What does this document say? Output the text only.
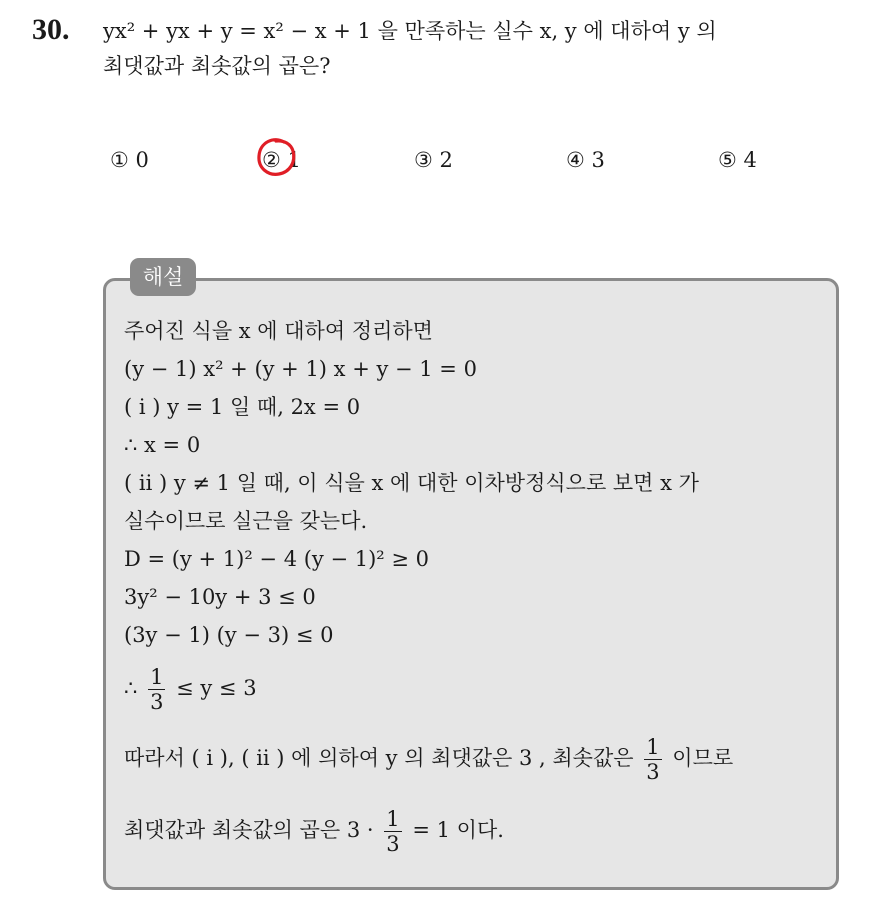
30. yx² + yx + y = x² − x + 1 을 만족하는 실수 x, y 에 대하여 y 의
최댓값과 최솟값의 곱은?
① 0	② 1	③ 2	④ 3	⑤ 4
해설
주어진 식을 x 에 대하여 정리하면
(y − 1) x² + (y + 1) x + y − 1 = 0
( i ) y = 1 일 때, 2x = 0
∴ x = 0
( ii ) y ≠ 1 일 때, 이 식을 x 에 대한 이차방정식으로 보면 x 가
실수이므로 실근을 갖는다.
D = (y + 1)² − 4 (y − 1)² ≥ 0
3y² − 10y + 3 ≤ 0
(3y − 1) (y − 3) ≤ 0
∴ $\frac{1}{3} \le y \le 3$
따라서 ( i ), ( ii ) 에 의하여 y 의 최댓값은 3 , 최솟값은 $\frac{1}{3}$ 이므로
최댓값과 최솟값의 곱은 $3 \cdot \frac{1}{3} = 1$ 이다.
